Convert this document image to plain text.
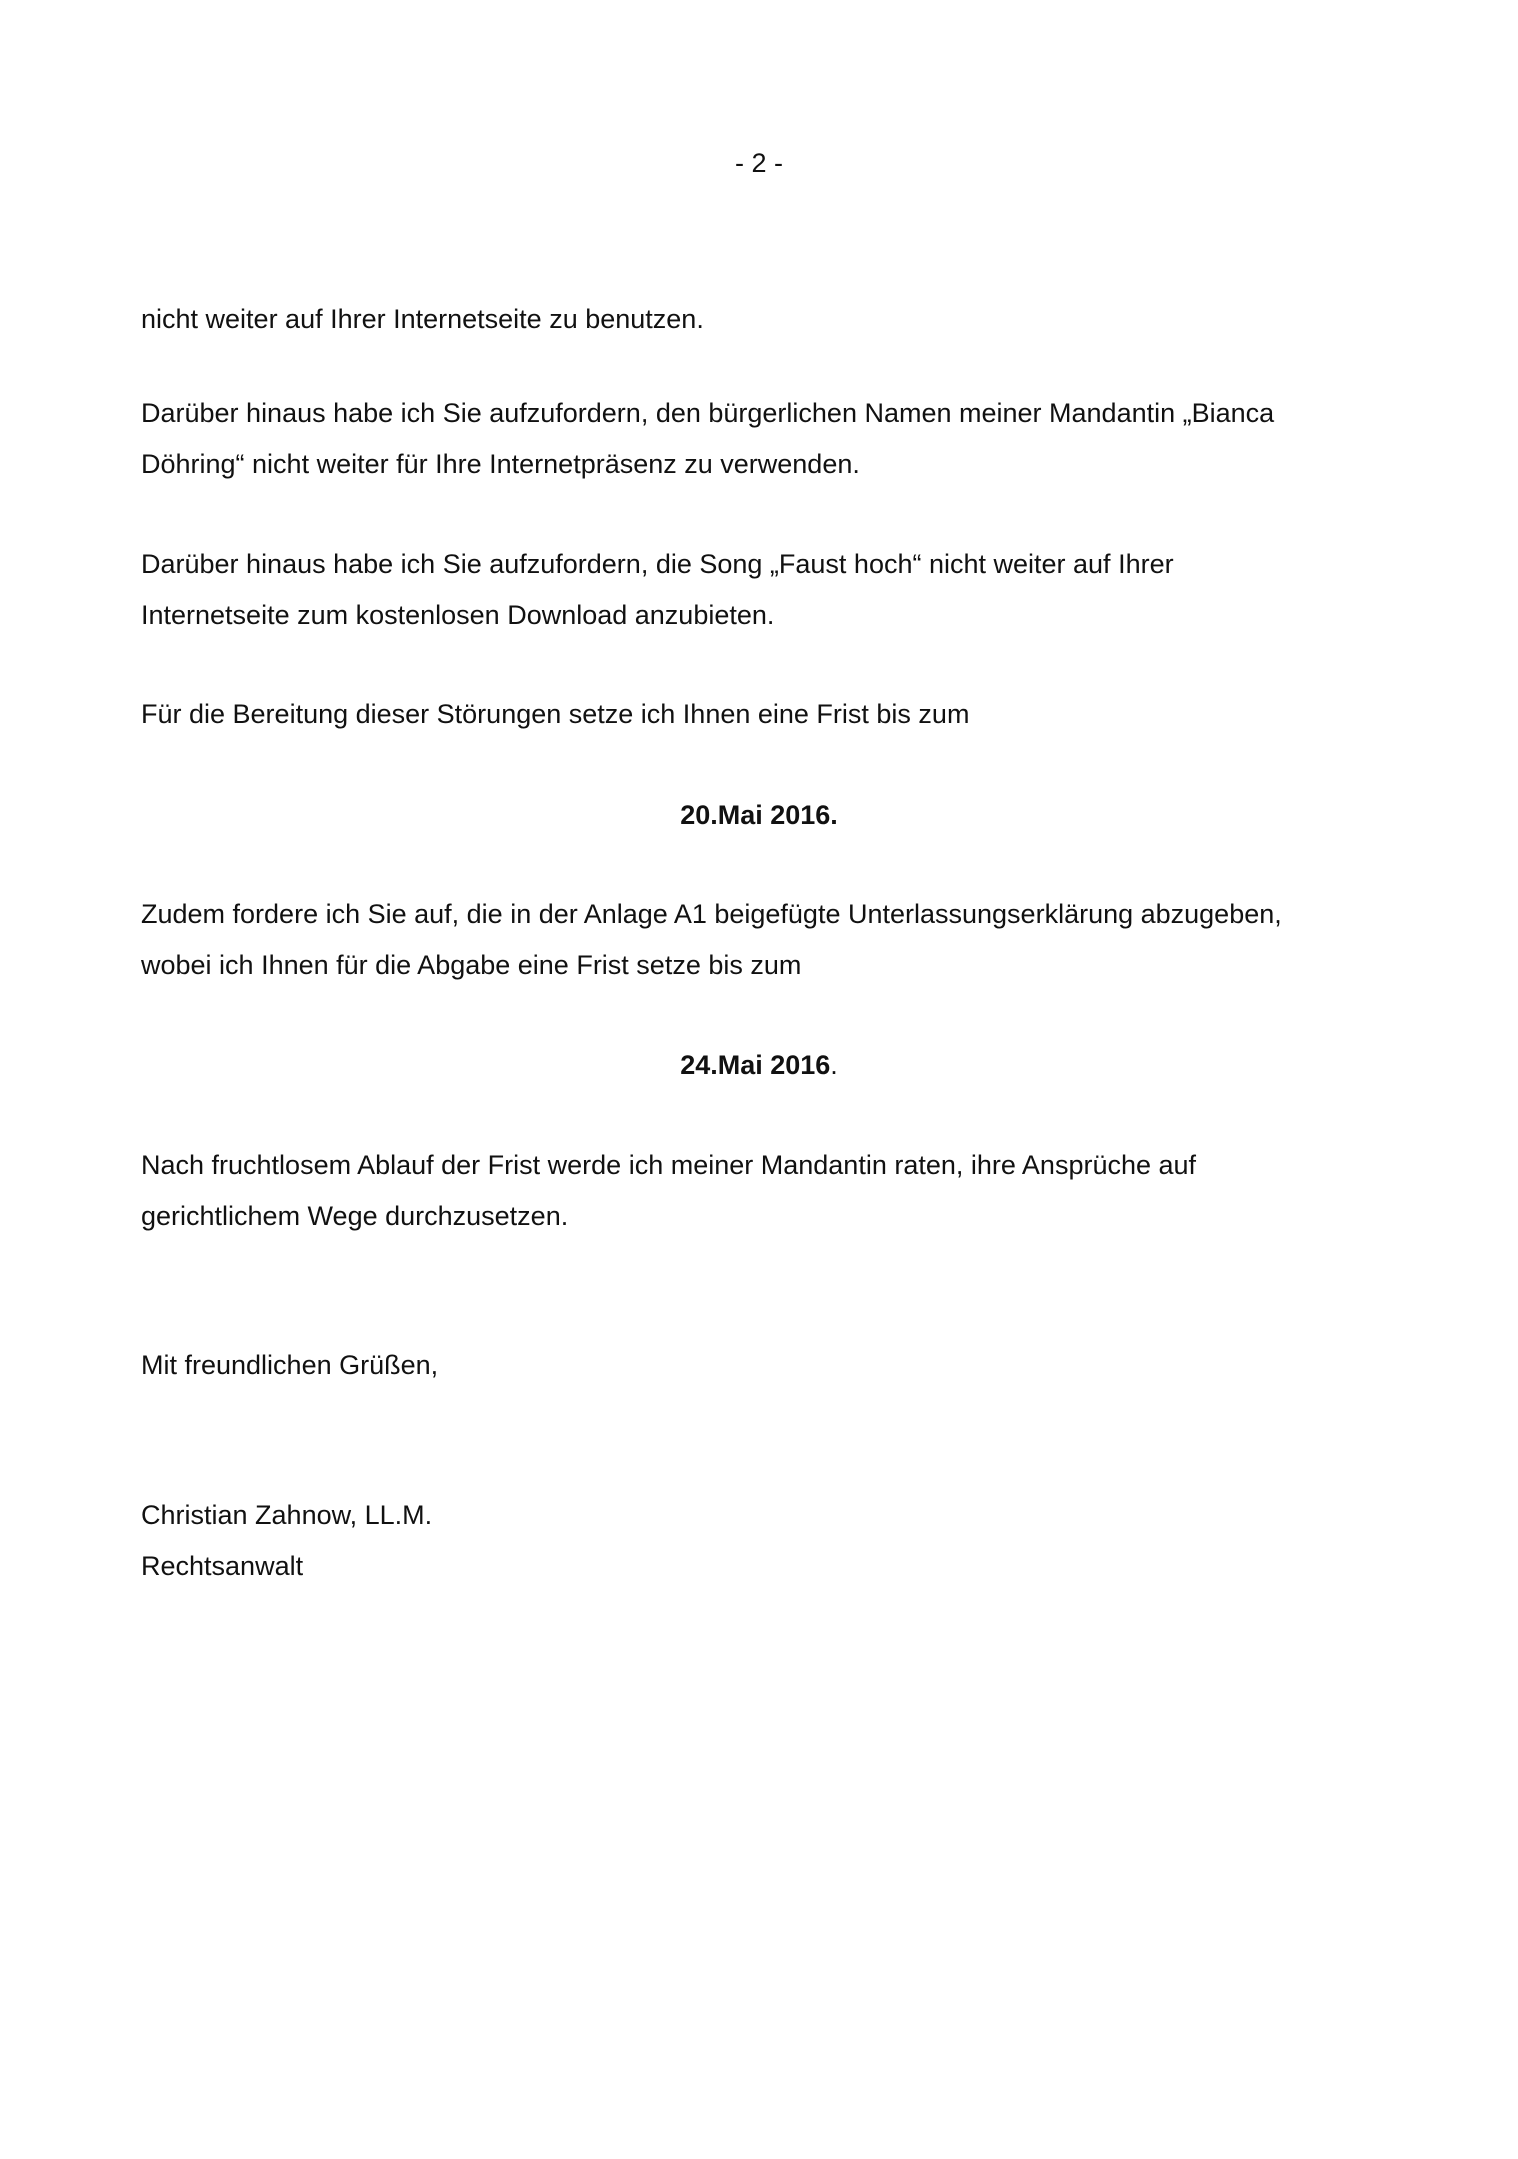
- 2 -

nicht weiter auf Ihrer Internetseite zu benutzen.

Darüber hinaus habe ich Sie aufzufordern, den bürgerlichen Namen meiner Mandantin „Bianca
Döhring“ nicht weiter für Ihre Internetpräsenz zu verwenden.

Darüber hinaus habe ich Sie aufzufordern, die Song „Faust hoch“ nicht weiter auf Ihrer
Internetseite zum kostenlosen Download anzubieten.

Für die Bereitung dieser Störungen setze ich Ihnen eine Frist bis zum

20.Mai 2016.

Zudem fordere ich Sie auf, die in der Anlage A1 beigefügte Unterlassungserklärung abzugeben,
wobei ich Ihnen für die Abgabe eine Frist setze bis zum

24.Mai 2016.

Nach fruchtlosem Ablauf der Frist werde ich meiner Mandantin raten, ihre Ansprüche auf
gerichtlichem Wege durchzusetzen.

Mit freundlichen Grüßen,

Christian Zahnow, LL.M.
Rechtsanwalt
